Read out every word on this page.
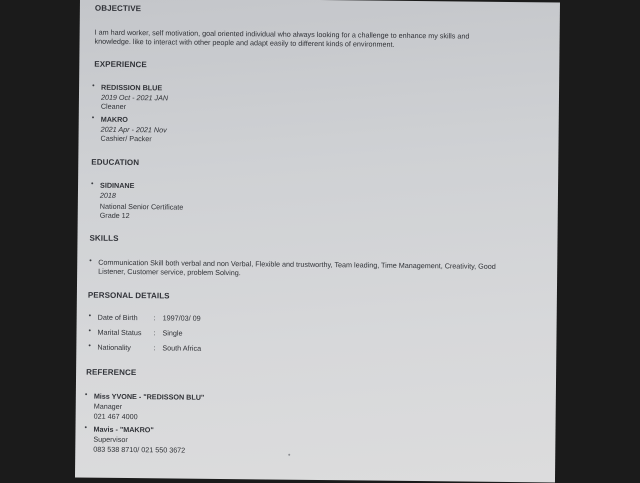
OBJECTIVE
I am hard worker, self motivation, goal oriented individual who always looking for a challenge to enhance my skills and knowledge. like to interact with other people and adapt easily to different kinds of environment.
EXPERIENCE
• REDISSION BLUE
2019 Oct - 2021 JAN
Cleaner
• MAKRO
2021 Apr - 2021 Nov
Cashier/ Packer
EDUCATION
• SIDINANE
2018
National Senior Certificate
Grade 12
SKILLS
• Communication Skill both verbal and non Verbal, Flexible and trustworthy, Team leading, Time Management, Creativity, Good Listener, Customer service, problem Solving.
PERSONAL DETAILS
• Date of Birth : 1997/03/ 09
• Marital Status : Single
• Nationality	: South Africa
REFERENCE
• Miss YVONE - "REDISSON BLU"
Manager
021 467 4000
• Mavis - "MAKRO"
Supervisor
083 538 8710/ 021 550 3672
